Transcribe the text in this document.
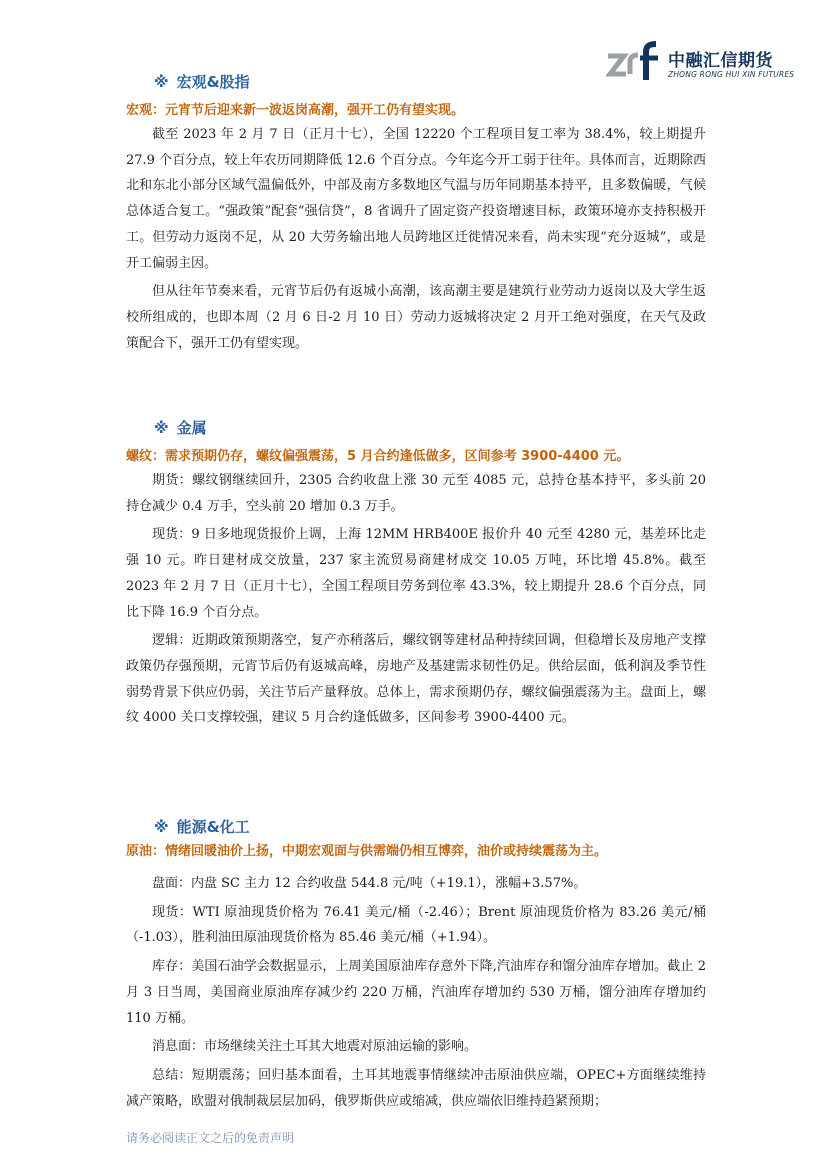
中融汇信期货
ZHONG RONG HUI XIN FUTURES
※ 宏观&股指
宏观：元宵节后迎来新一波返岗高潮，强开工仍有望实现。

截至 2023 年 2 月 7 日（正月十七），全国 12220 个工程项目复工率为 38.4%，较上期提升 27.9 个百分点，较上年农历同期降低 12.6 个百分点。今年迄今开工弱于往年。具体而言，近期除西北和东北小部分区域气温偏低外，中部及南方多数地区气温与历年同期基本持平，且多数偏暖，气候总体适合复工。“强政策”配套“强信贷”，8 省调升了固定资产投资增速目标，政策环境亦支持积极开工。但劳动力返岗不足，从 20 大劳务输出地人员跨地区迁徙情况来看，尚未实现“充分返城”，或是开工偏弱主因。

但从往年节奏来看，元宵节后仍有返城小高潮，该高潮主要是建筑行业劳动力返岗以及大学生返校所组成的，也即本周（2 月 6 日-2 月 10 日）劳动力返城将决定 2 月开工绝对强度，在天气及政策配合下，强开工仍有望实现。

※ 金属
螺纹：需求预期仍存，螺纹偏强震荡，5 月合约逢低做多，区间参考 3900-4400 元。

期货：螺纹钢继续回升，2305 合约收盘上涨 30 元至 4085 元，总持仓基本持平，多头前 20 持仓减少 0.4 万手，空头前 20 增加 0.3 万手。

现货：9 日多地现货报价上调，上海 12MM HRB400E 报价升 40 元至 4280 元，基差环比走强 10 元。昨日建材成交放量，237 家主流贸易商建材成交 10.05 万吨，环比增 45.8%。截至 2023 年 2 月 7 日（正月十七），全国工程项目劳务到位率 43.3%，较上期提升 28.6 个百分点，同比下降 16.9 个百分点。

逻辑：近期政策预期落空，复产亦稍落后，螺纹钢等建材品种持续回调，但稳增长及房地产支撑政策仍存强预期，元宵节后仍有返城高峰，房地产及基建需求韧性仍足。供给层面，低利润及季节性弱势背景下供应仍弱，关注节后产量释放。总体上，需求预期仍存，螺纹偏强震荡为主。盘面上，螺纹 4000 关口支撑较强，建议 5 月合约逢低做多，区间参考 3900-4400 元。

※ 能源&化工
原油：情绪回暖油价上扬，中期宏观面与供需端仍相互博弈，油价或持续震荡为主。

盘面：内盘 SC 主力 12 合约收盘 544.8 元/吨（+19.1），涨幅+3.57%。

现货：WTI 原油现货价格为 76.41 美元/桶（-2.46）；Brent 原油现货价格为 83.26 美元/桶（-1.03），胜利油田原油现货价格为 85.46 美元/桶（+1.94）。

库存：美国石油学会数据显示，上周美国原油库存意外下降,汽油库存和馏分油库存增加。截止 2 月 3 日当周，美国商业原油库存减少约 220 万桶，汽油库存增加约 530 万桶，馏分油库存增加约 110 万桶。

消息面：市场继续关注土耳其大地震对原油运输的影响。

总结：短期震荡；回归基本面看，土耳其地震事情继续冲击原油供应端，OPEC+方面继续维持减产策略，欧盟对俄制裁层层加码，俄罗斯供应或缩减，供应端依旧维持趋紧预期；

请务必阅读正文之后的免责声明
